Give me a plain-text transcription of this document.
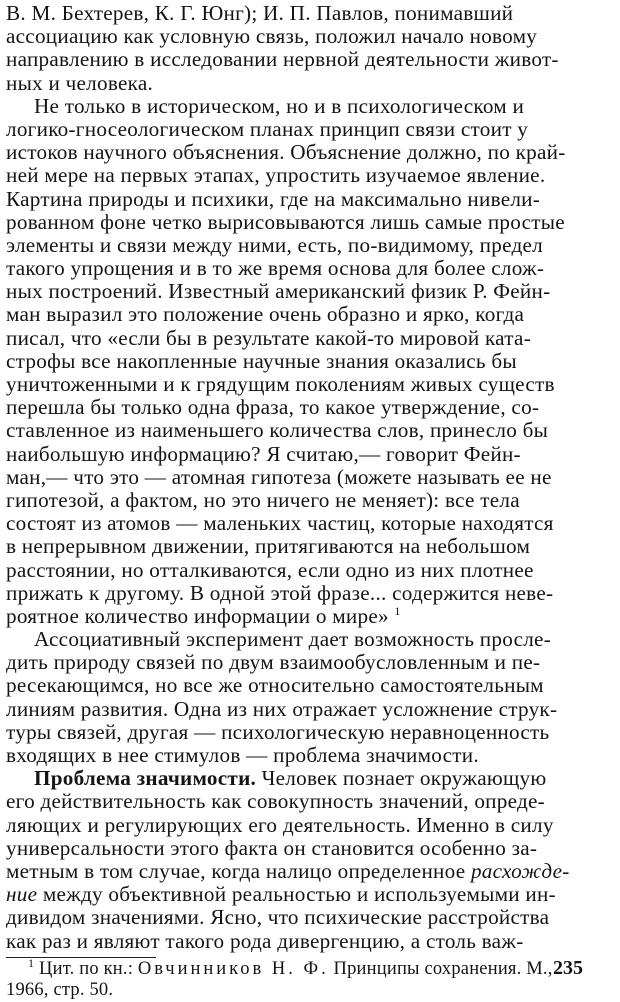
В. М. Бехтерев, К. Г. Юнг); И. П. Павлов, понимавший
ассоциацию как условную связь, положил начало новому
направлению в исследовании нервной деятельности живот-
ных и человека.
Не только в историческом, но и в психологическом и
логико-гносеологическом планах принцип связи стоит у
истоков научного объяснения. Объяснение должно, по край-
ней мере на первых этапах, упростить изучаемое явление.
Картина природы и психики, где на максимально нивели-
рованном фоне четко вырисовываются лишь самые простые
элементы и связи между ними, есть, по-видимому, предел
такого упрощения и в то же время основа для более слож-
ных построений. Известный американский физик Р. Фейн-
ман выразил это положение очень образно и ярко, когда
писал, что «если бы в результате какой-то мировой ката-
строфы все накопленные научные знания оказались бы
уничтоженными и к грядущим поколениям живых существ
перешла бы только одна фраза, то какое утверждение, со-
ставленное из наименьшего количества слов, принесло бы
наибольшую информацию? Я считаю,— говорит Фейн-
ман,— что это — атомная гипотеза (можете называть ее не
гипотезой, а фактом, но это ничего не меняет): все тела
состоят из атомов — маленьких частиц, которые находятся
в непрерывном движении, притягиваются на небольшом
расстоянии, но отталкиваются, если одно из них плотнее
прижать к другому. В одной этой фразе... содержится неве-
роятное количество информации о мире» $^1$
Ассоциативный эксперимент дает возможность просле-
дить природу связей по двум взаимообусловленным и пе-
ресекающимся, но все же относительно самостоятельным
линиям развития. Одна из них отражает усложнение струк-
туры связей, другая — психологическую неравноценность
входящих в нее стимулов — проблема значимости.
Проблема значимости. Человек познает окружающую
его действительность как совокупность значений, опреде-
ляющих и регулирующих его деятельность. Именно в силу
универсальности этого факта он становится особенно за-
метным в том случае, когда налицо определенное расхожде-
ние между объективной реальностью и используемыми ин-
дивидом значениями. Ясно, что психические расстройства
как раз и являют такого рода дивергенцию, а столь важ-
$^1$ Цит. по кн.: Овчинников Н. Ф. Принципы сохранения. М.,
1966, стр. 50.
235
